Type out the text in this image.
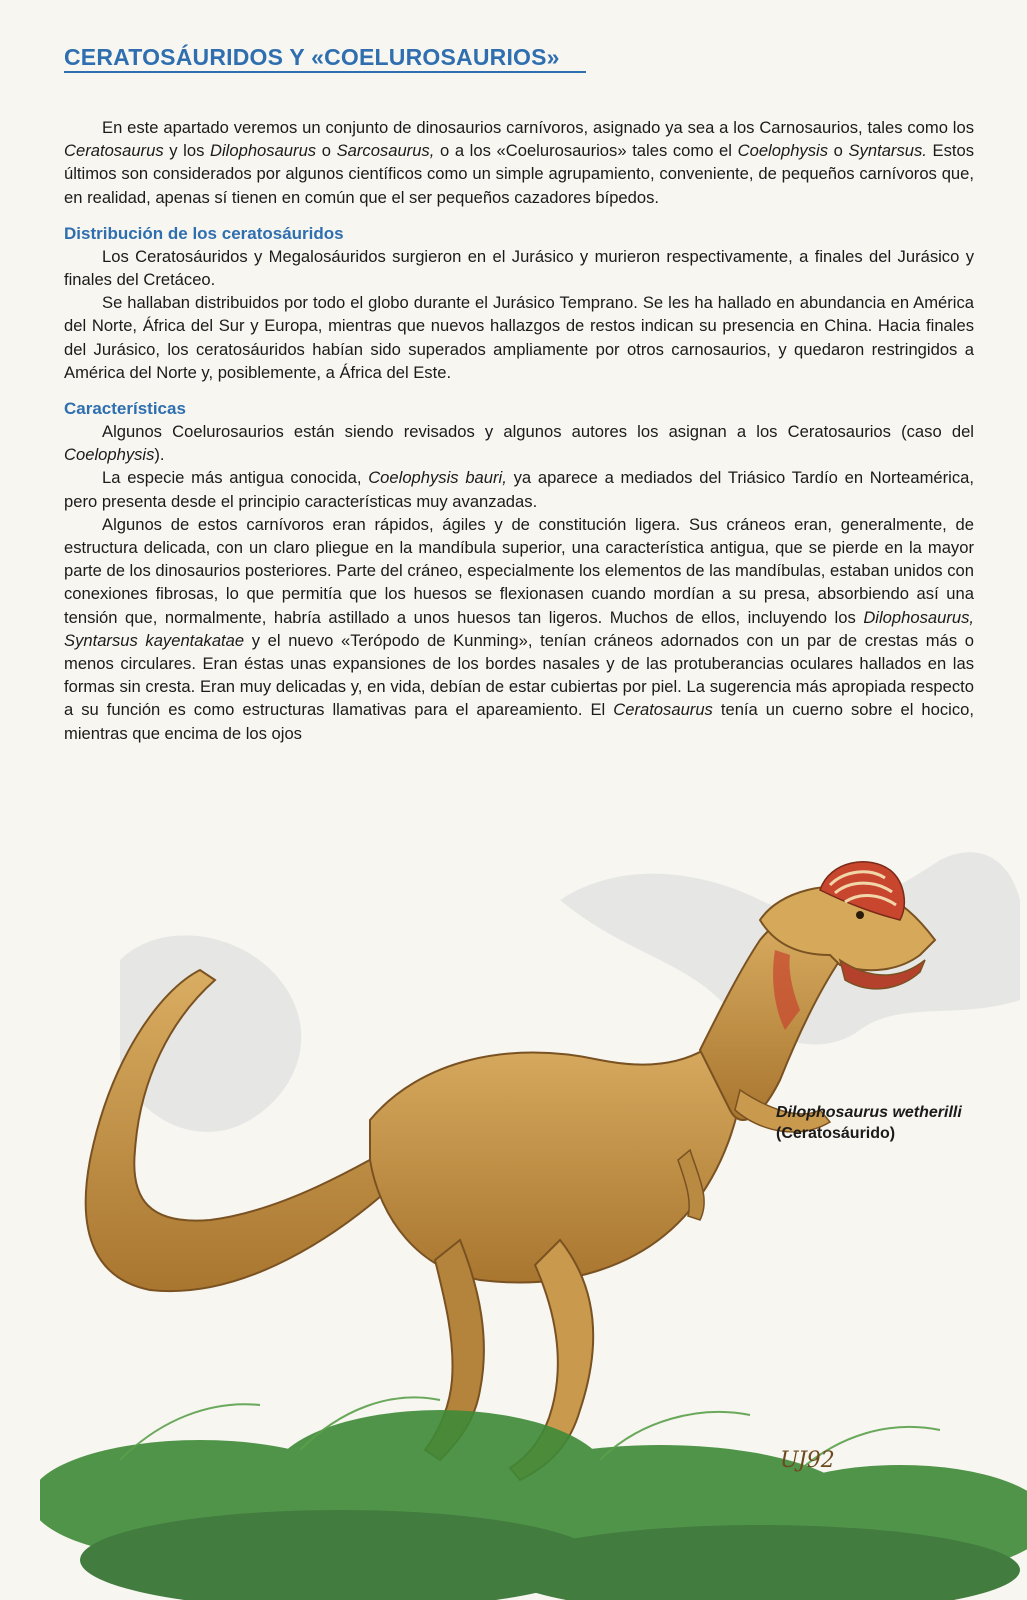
CERATOSÁURIDOS Y «COELUROSAURIOS»

En este apartado veremos un conjunto de dinosaurios carnívoros, asignado ya sea a los Carnosaurios, tales como los Ceratosaurus y los Dilophosaurus o Sarcosaurus, o a los «Coelurosaurios» tales como el Coelophysis o Syntarsus. Estos últimos son considerados por algunos científicos como un simple agrupamiento, conveniente, de pequeños carnívoros que, en realidad, apenas sí tienen en común que el ser pequeños cazadores bípedos.

Distribución de los ceratosáuridos

Los Ceratosáuridos y Megalosáuridos surgieron en el Jurásico y murieron respectivamente, a finales del Jurásico y finales del Cretáceo.

Se hallaban distribuidos por todo el globo durante el Jurásico Temprano. Se les ha hallado en abundancia en América del Norte, África del Sur y Europa, mientras que nuevos hallazgos de restos indican su presencia en China. Hacia finales del Jurásico, los ceratosáuridos habían sido superados ampliamente por otros carnosaurios, y quedaron restringidos a América del Norte y, posiblemente, a África del Este.

Características

Algunos Coelurosaurios están siendo revisados y algunos autores los asignan a los Ceratosaurios (caso del Coelophysis).

La especie más antigua conocida, Coelophysis bauri, ya aparece a mediados del Triásico Tardío en Norteamérica, pero presenta desde el principio características muy avanzadas.

Algunos de estos carnívoros eran rápidos, ágiles y de constitución ligera. Sus cráneos eran, generalmente, de estructura delicada, con un claro pliegue en la mandíbula superior, una característica antigua, que se pierde en la mayor parte de los dinosaurios posteriores. Parte del cráneo, especialmente los elementos de las mandíbulas, estaban unidos con conexiones fibrosas, lo que permitía que los huesos se flexionasen cuando mordían a su presa, absorbiendo así una tensión que, normalmente, habría astillado a unos huesos tan ligeros. Muchos de ellos, incluyendo los Dilophosaurus, Syntarsus kayentakatae y el nuevo «Terópodo de Kunming», tenían cráneos adornados con un par de crestas más o menos circulares. Eran éstas unas expansiones de los bordes nasales y de las protuberancias oculares hallados en las formas sin cresta. Eran muy delicadas y, en vida, debían de estar cubiertas por piel. La sugerencia más apropiada respecto a su función es como estructuras llamativas para el apareamiento. El Ceratosaurus tenía un cuerno sobre el hocico, mientras que encima de los ojos

UJ92
Dilophosaurus wetherilli
(Ceratosáurido)
